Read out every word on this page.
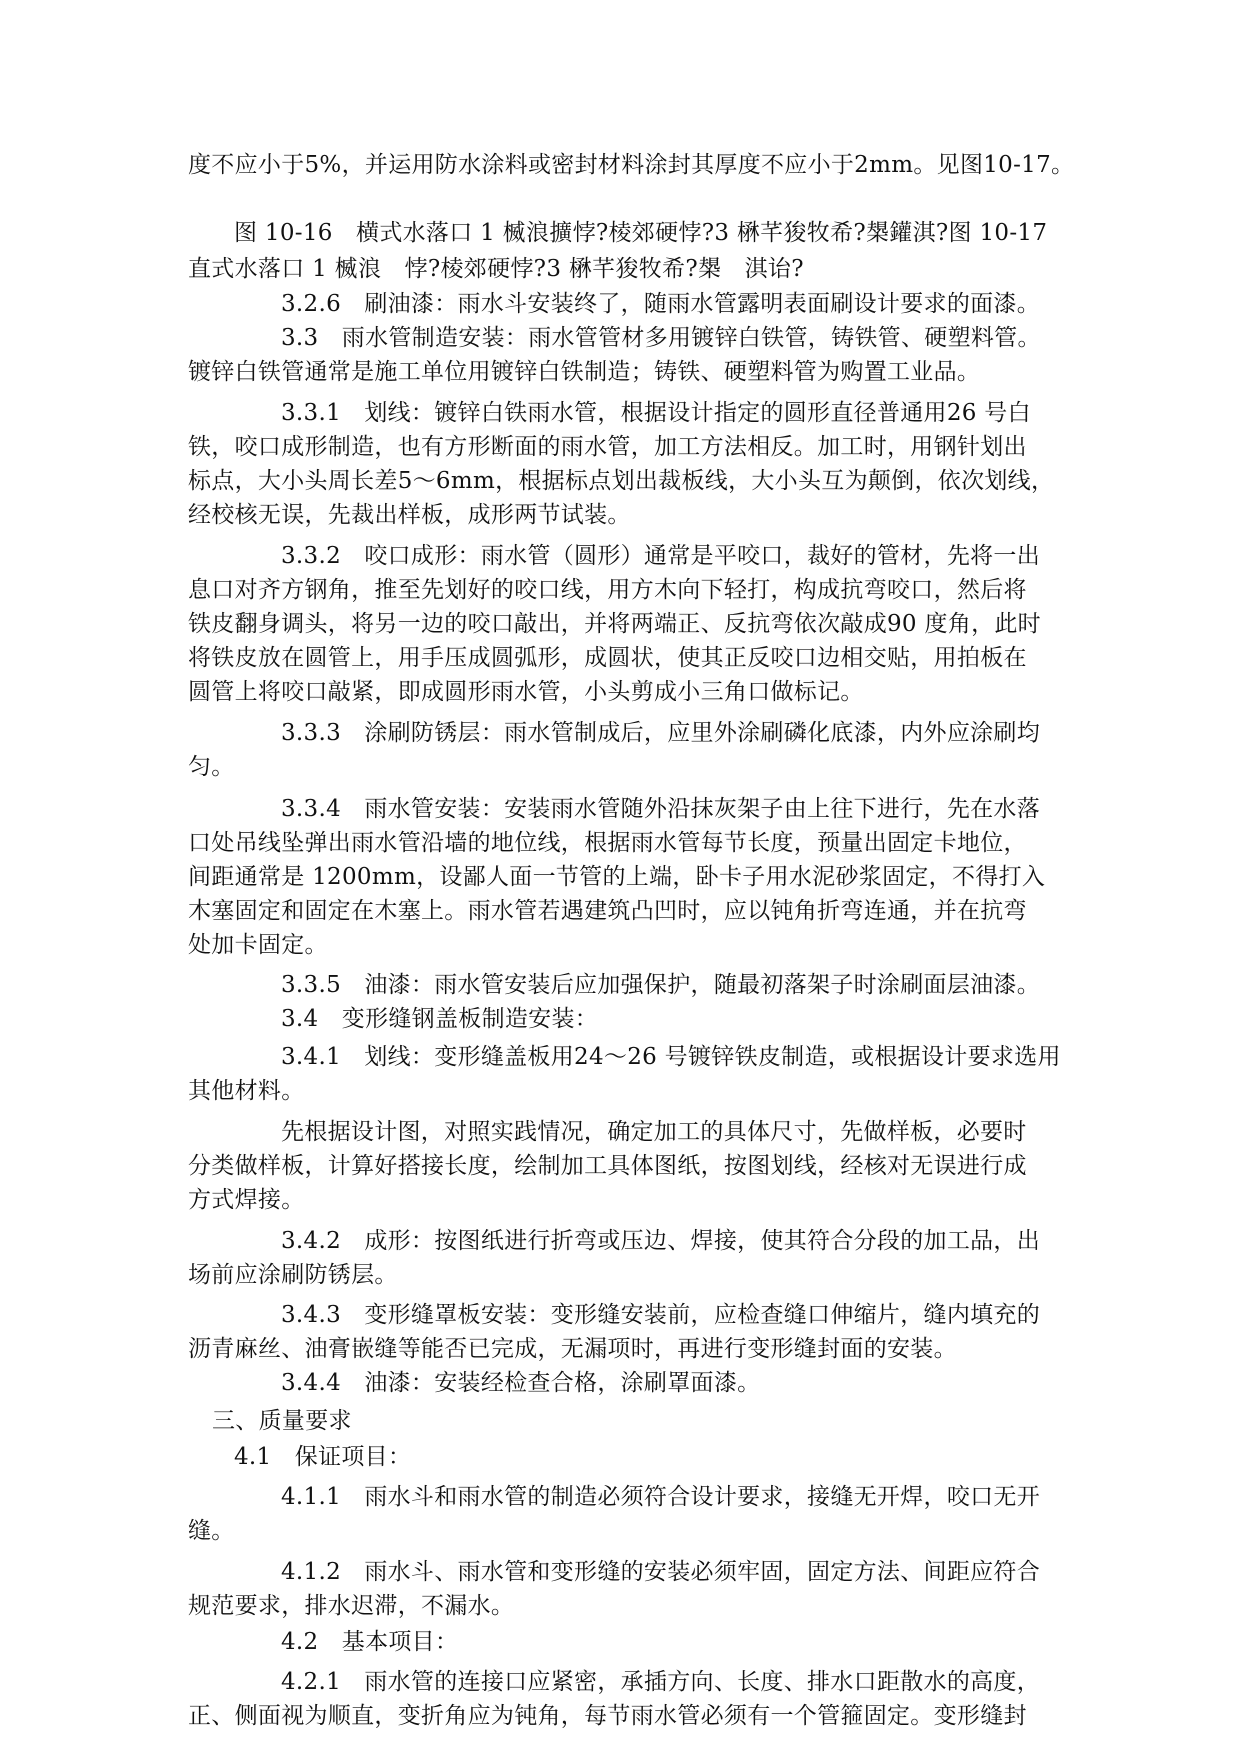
度不应小于5%，并运用防水涂料或密封材料涂封其厚度不应小于2mm。见图10-17。
图 10-16　横式水落口 1 楲浪擴悖?棱郊硬悖?3 楙芊狻牧希?槼鑵淇?图 10-17
直式水落口 1 楲浪　悖?棱郊硬悖?3 楙芊狻牧希?槼　淇诒?
3.2.6　刷油漆：雨水斗安装终了，随雨水管露明表面刷设计要求的面漆。
3.3　雨水管制造安装：雨水管管材多用镀锌白铁管，铸铁管、硬塑料管。
镀锌白铁管通常是施工单位用镀锌白铁制造；铸铁、硬塑料管为购置工业品。
3.3.1　划线：镀锌白铁雨水管，根据设计指定的圆形直径普通用26 号白
铁，咬口成形制造，也有方形断面的雨水管，加工方法相反。加工时，用钢针划出
标点，大小头周长差5～6mm，根据标点划出裁板线，大小头互为颠倒，依次划线，
经校核无误，先裁出样板，成形两节试装。
3.3.2　咬口成形：雨水管（圆形）通常是平咬口，裁好的管材，先将一出
息口对齐方钢角，推至先划好的咬口线，用方木向下轻打，构成抗弯咬口，然后将
铁皮翻身调头，将另一边的咬口敲出，并将两端正、反抗弯依次敲成90 度角，此时
将铁皮放在圆管上，用手压成圆弧形，成圆状，使其正反咬口边相交贴，用拍板在
圆管上将咬口敲紧，即成圆形雨水管，小头剪成小三角口做标记。
3.3.3　涂刷防锈层：雨水管制成后，应里外涂刷磷化底漆，内外应涂刷均
匀。
3.3.4　雨水管安装：安装雨水管随外沿抹灰架子由上往下进行，先在水落
口处吊线坠弹出雨水管沿墙的地位线，根据雨水管每节长度，预量出固定卡地位，
间距通常是 1200mm，设鄙人面一节管的上端，卧卡子用水泥砂浆固定，不得打入
木塞固定和固定在木塞上。雨水管若遇建筑凸凹时，应以钝角折弯连通，并在抗弯
处加卡固定。
3.3.5　油漆：雨水管安装后应加强保护，随最初落架子时涂刷面层油漆。
3.4　变形缝钢盖板制造安装：
3.4.1　划线：变形缝盖板用24～26 号镀锌铁皮制造，或根据设计要求选用
其他材料。
先根据设计图，对照实践情况，确定加工的具体尺寸，先做样板，必要时
分类做样板，计算好搭接长度，绘制加工具体图纸，按图划线，经核对无误进行成
方式焊接。
3.4.2　成形：按图纸进行折弯或压边、焊接，使其符合分段的加工品，出
场前应涂刷防锈层。
3.4.3　变形缝罩板安装：变形缝安装前，应检查缝口伸缩片，缝内填充的
沥青麻丝、油膏嵌缝等能否已完成，无漏项时，再进行变形缝封面的安装。
3.4.4　油漆：安装经检查合格，涂刷罩面漆。
三、质量要求
4.1　保证项目：
4.1.1　雨水斗和雨水管的制造必须符合设计要求，接缝无开焊，咬口无开
缝。
4.1.2　雨水斗、雨水管和变形缝的安装必须牢固，固定方法、间距应符合
规范要求，排水迟滞，不漏水。
4.2　基本项目：
4.2.1　雨水管的连接口应紧密，承插方向、长度、排水口距散水的高度，
正、侧面视为顺直，变折角应为钝角，每节雨水管必须有一个管箍固定。变形缝封
